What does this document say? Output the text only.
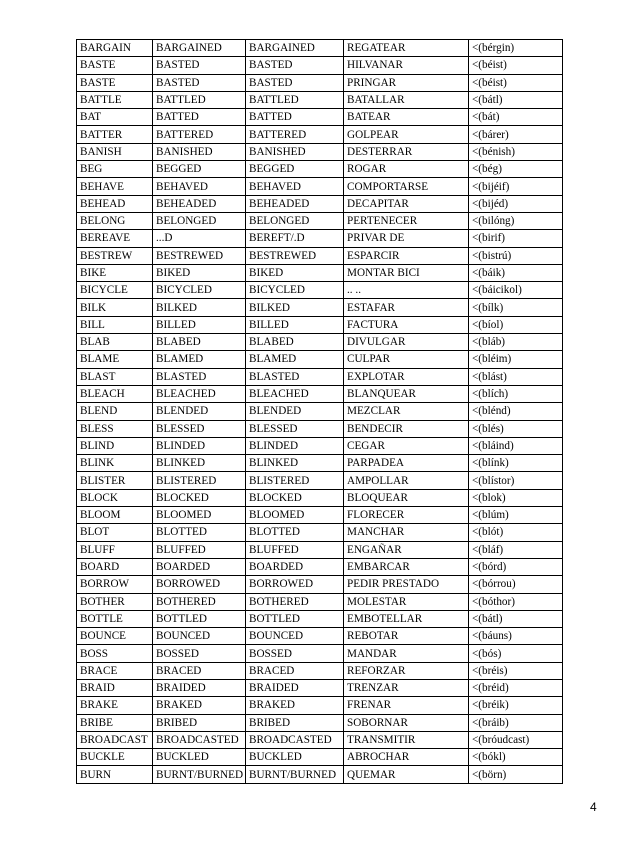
BARGAIN	BARGAINED	BARGAINED	REGATEAR	<(bérgin)
BASTE	BASTED	BASTED	HILVANAR	<(béist)
BASTE	BASTED	BASTED	PRINGAR	<(béist)
BATTLE	BATTLED	BATTLED	BATALLAR	<(bátl)
BAT	BATTED	BATTED	BATEAR	<(bát)
BATTER	BATTERED	BATTERED	GOLPEAR	<(bárer)
BANISH	BANISHED	BANISHED	DESTERRAR	<(bénish)
BEG	BEGGED	BEGGED	ROGAR	<(bég)
BEHAVE	BEHAVED	BEHAVED	COMPORTARSE	<(bijéif)
BEHEAD	BEHEADED	BEHEADED	DECAPITAR	<(bijéd)
BELONG	BELONGED	BELONGED	PERTENECER	<(bilóng)
BEREAVE	...D	BEREFT/.D	PRIVAR DE	<(birif)
BESTREW	BESTREWED	BESTREWED	ESPARCIR	<(bistrú)
BIKE	BIKED	BIKED	MONTAR BICI	<(báik)
BICYCLE	BICYCLED	BICYCLED	.. ..	<(báicikol)
BILK	BILKED	BILKED	ESTAFAR	<(bílk)
BILL	BILLED	BILLED	FACTURA	<(bíol)
BLAB	BLABED	BLABED	DIVULGAR	<(bláb)
BLAME	BLAMED	BLAMED	CULPAR	<(bléim)
BLAST	BLASTED	BLASTED	EXPLOTAR	<(blást)
BLEACH	BLEACHED	BLEACHED	BLANQUEAR	<(blích)
BLEND	BLENDED	BLENDED	MEZCLAR	<(blénd)
BLESS	BLESSED	BLESSED	BENDECIR	<(blés)
BLIND	BLINDED	BLINDED	CEGAR	<(bláind)
BLINK	BLINKED	BLINKED	PARPADEA	<(blínk)
BLISTER	BLISTERED	BLISTERED	AMPOLLAR	<(blístor)
BLOCK	BLOCKED	BLOCKED	BLOQUEAR	<(blok)
BLOOM	BLOOMED	BLOOMED	FLORECER	<(blúm)
BLOT	BLOTTED	BLOTTED	MANCHAR	<(blót)
BLUFF	BLUFFED	BLUFFED	ENGAÑAR	<(bláf)
BOARD	BOARDED	BOARDED	EMBARCAR	<(bórd)
BORROW	BORROWED	BORROWED	PEDIR PRESTADO	<(bórrou)
BOTHER	BOTHERED	BOTHERED	MOLESTAR	<(bóthor)
BOTTLE	BOTTLED	BOTTLED	EMBOTELLAR	<(bátl)
BOUNCE	BOUNCED	BOUNCED	REBOTAR	<(báuns)
BOSS	BOSSED	BOSSED	MANDAR	<(bós)
BRACE	BRACED	BRACED	REFORZAR	<(bréis)
BRAID	BRAIDED	BRAIDED	TRENZAR	<(bréid)
BRAKE	BRAKED	BRAKED	FRENAR	<(bréik)
BRIBE	BRIBED	BRIBED	SOBORNAR	<(bráib)
BROADCAST	BROADCASTED	BROADCASTED	TRANSMITIR	<(bróudcast)
BUCKLE	BUCKLED	BUCKLED	ABROCHAR	<(bókl)
BURN	BURNT/BURNED	BURNT/BURNED	QUEMAR	<(börn)
4
